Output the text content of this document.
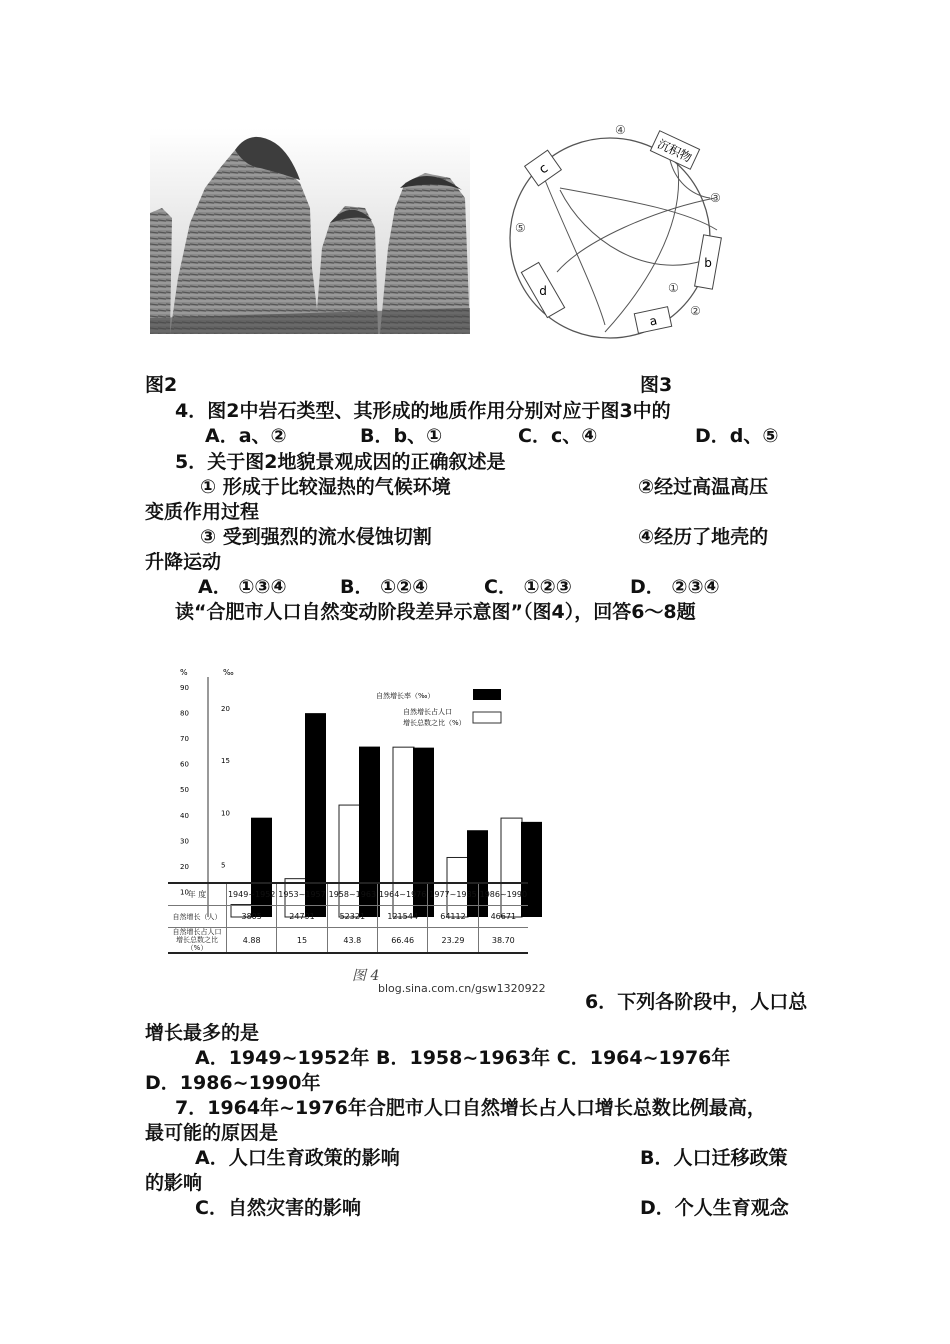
c
沉积物
b
a
d
④
③
⑤
①
②
图2	图3
4．图2中岩石类型、其形成的地质作用分别对应于图3中的
A．a、②	B．b、①	C．c、④	D．d、⑤
5．关于图2地貌景观成因的正确叙述是
① 形成于比较湿热的气候环境	②经过高温高压
变质作用过程
③ 受到强烈的流水侵蚀切割	④经历了地壳的
升降运动
A． ①③④	B． ①②④	C． ①②③	D． ②③④
读“合肥市人口自然变动阶段差异示意图”（图4），回答6～8题
%	‰
90
80
70
60
50
40
30
20
10
20
15
10
5
自然增长率（‰）
自然增长占人口
增长总数之比（%）
年 度	1949~1952	1953~1957	1958~1963	1964~1976	1977~1985	1986~1990
自然增长（人）	3805	24791	52321	121544	64112	46671
自然增长占人口
增长总数之比（%）	4.88	15	43.8	66.46	23.29	38.70
图 4
blog.sina.com.cn/gsw1320922
6．下列各阶段中，人口总
增长最多的是
A．1949~1952年 B．1958~1963年 C．1964~1976年
D．1986~1990年
7．1964年~1976年合肥市人口自然增长占人口增长总数比例最高，
最可能的原因是
A．人口生育政策的影响	B．人口迁移政策
的影响
C．自然灾害的影响	D．个人生育观念
